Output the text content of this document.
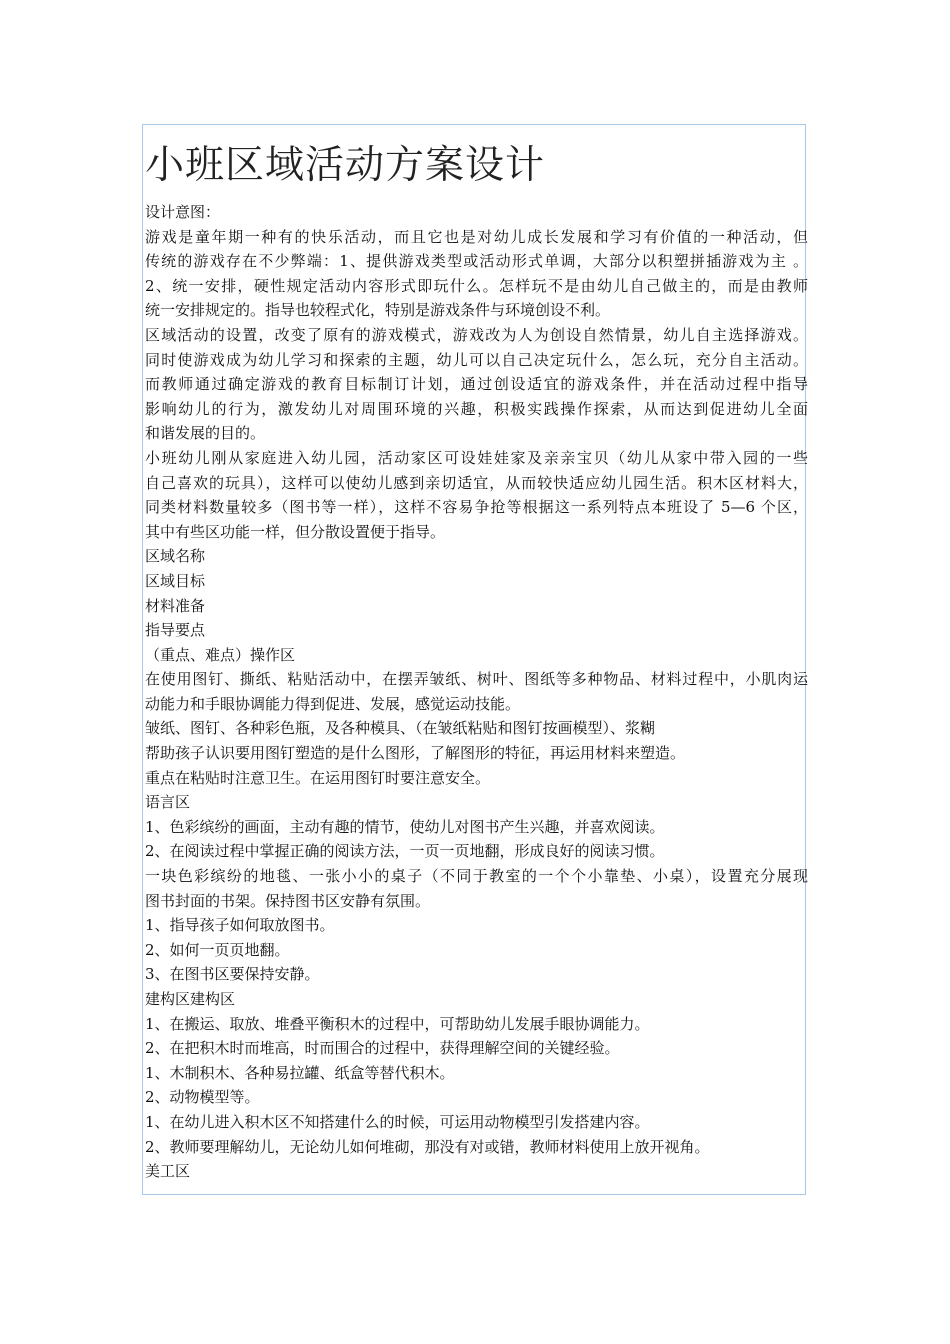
小班区域活动方案设计
设计意图：
游戏是童年期一种有的快乐活动，而且它也是对幼儿成长发展和学习有价值的一种活动，但
传统的游戏存在不少弊端：1、提供游戏类型或活动形式单调，大部分以积塑拼插游戏为主 。
2、统一安排，硬性规定活动内容形式即玩什么。怎样玩不是由幼儿自己做主的，而是由教师
统一安排规定的。指导也较程式化，特别是游戏条件与环境创设不利。
区域活动的设置，改变了原有的游戏模式，游戏改为人为创设自然情景，幼儿自主选择游戏。
同时使游戏成为幼儿学习和探索的主题，幼儿可以自己决定玩什么，怎么玩，充分自主活动。
而教师通过确定游戏的教育目标制订计划，通过创设适宜的游戏条件，并在活动过程中指导
影响幼儿的行为，激发幼儿对周围环境的兴趣，积极实践操作探索，从而达到促进幼儿全面
和谐发展的目的。
小班幼儿刚从家庭进入幼儿园，活动家区可设娃娃家及亲亲宝贝（幼儿从家中带入园的一些
自己喜欢的玩具），这样可以使幼儿感到亲切适宜，从而较快适应幼儿园生活。积木区材料大，
同类材料数量较多（图书等一样），这样不容易争抢等根据这一系列特点本班设了 5—6 个区，
其中有些区功能一样，但分散设置便于指导。
区域名称
区域目标
材料准备
指导要点
（重点、难点）操作区
在使用图钉、撕纸、粘贴活动中，在摆弄皱纸、树叶、图纸等多种物品、材料过程中，小肌肉运
动能力和手眼协调能力得到促进、发展，感觉运动技能。
皱纸、图钉、各种彩色瓶，及各种模具、（在皱纸粘贴和图钉按画模型）、浆糊
帮助孩子认识要用图钉塑造的是什么图形，了解图形的特征，再运用材料来塑造。
重点在粘贴时注意卫生。在运用图钉时要注意安全。
语言区
1、色彩缤纷的画面，主动有趣的情节，使幼儿对图书产生兴趣，并喜欢阅读。
2、在阅读过程中掌握正确的阅读方法，一页一页地翻，形成良好的阅读习惯。
一块色彩缤纷的地毯、一张小小的桌子（不同于教室的一个个小靠垫、小桌），设置充分展现
图书封面的书架。保持图书区安静有氛围。
1、指导孩子如何取放图书。
2、如何一页页地翻。
3、在图书区要保持安静。
建构区建构区
1、在搬运、取放、堆叠平衡积木的过程中，可帮助幼儿发展手眼协调能力。
2、在把积木时而堆高，时而围合的过程中，获得理解空间的关键经验。
1、木制积木、各种易拉罐、纸盒等替代积木。
2、动物模型等。
1、在幼儿进入积木区不知搭建什么的时候，可运用动物模型引发搭建内容。
2、教师要理解幼儿，无论幼儿如何堆砌，那没有对或错，教师材料使用上放开视角。
美工区
